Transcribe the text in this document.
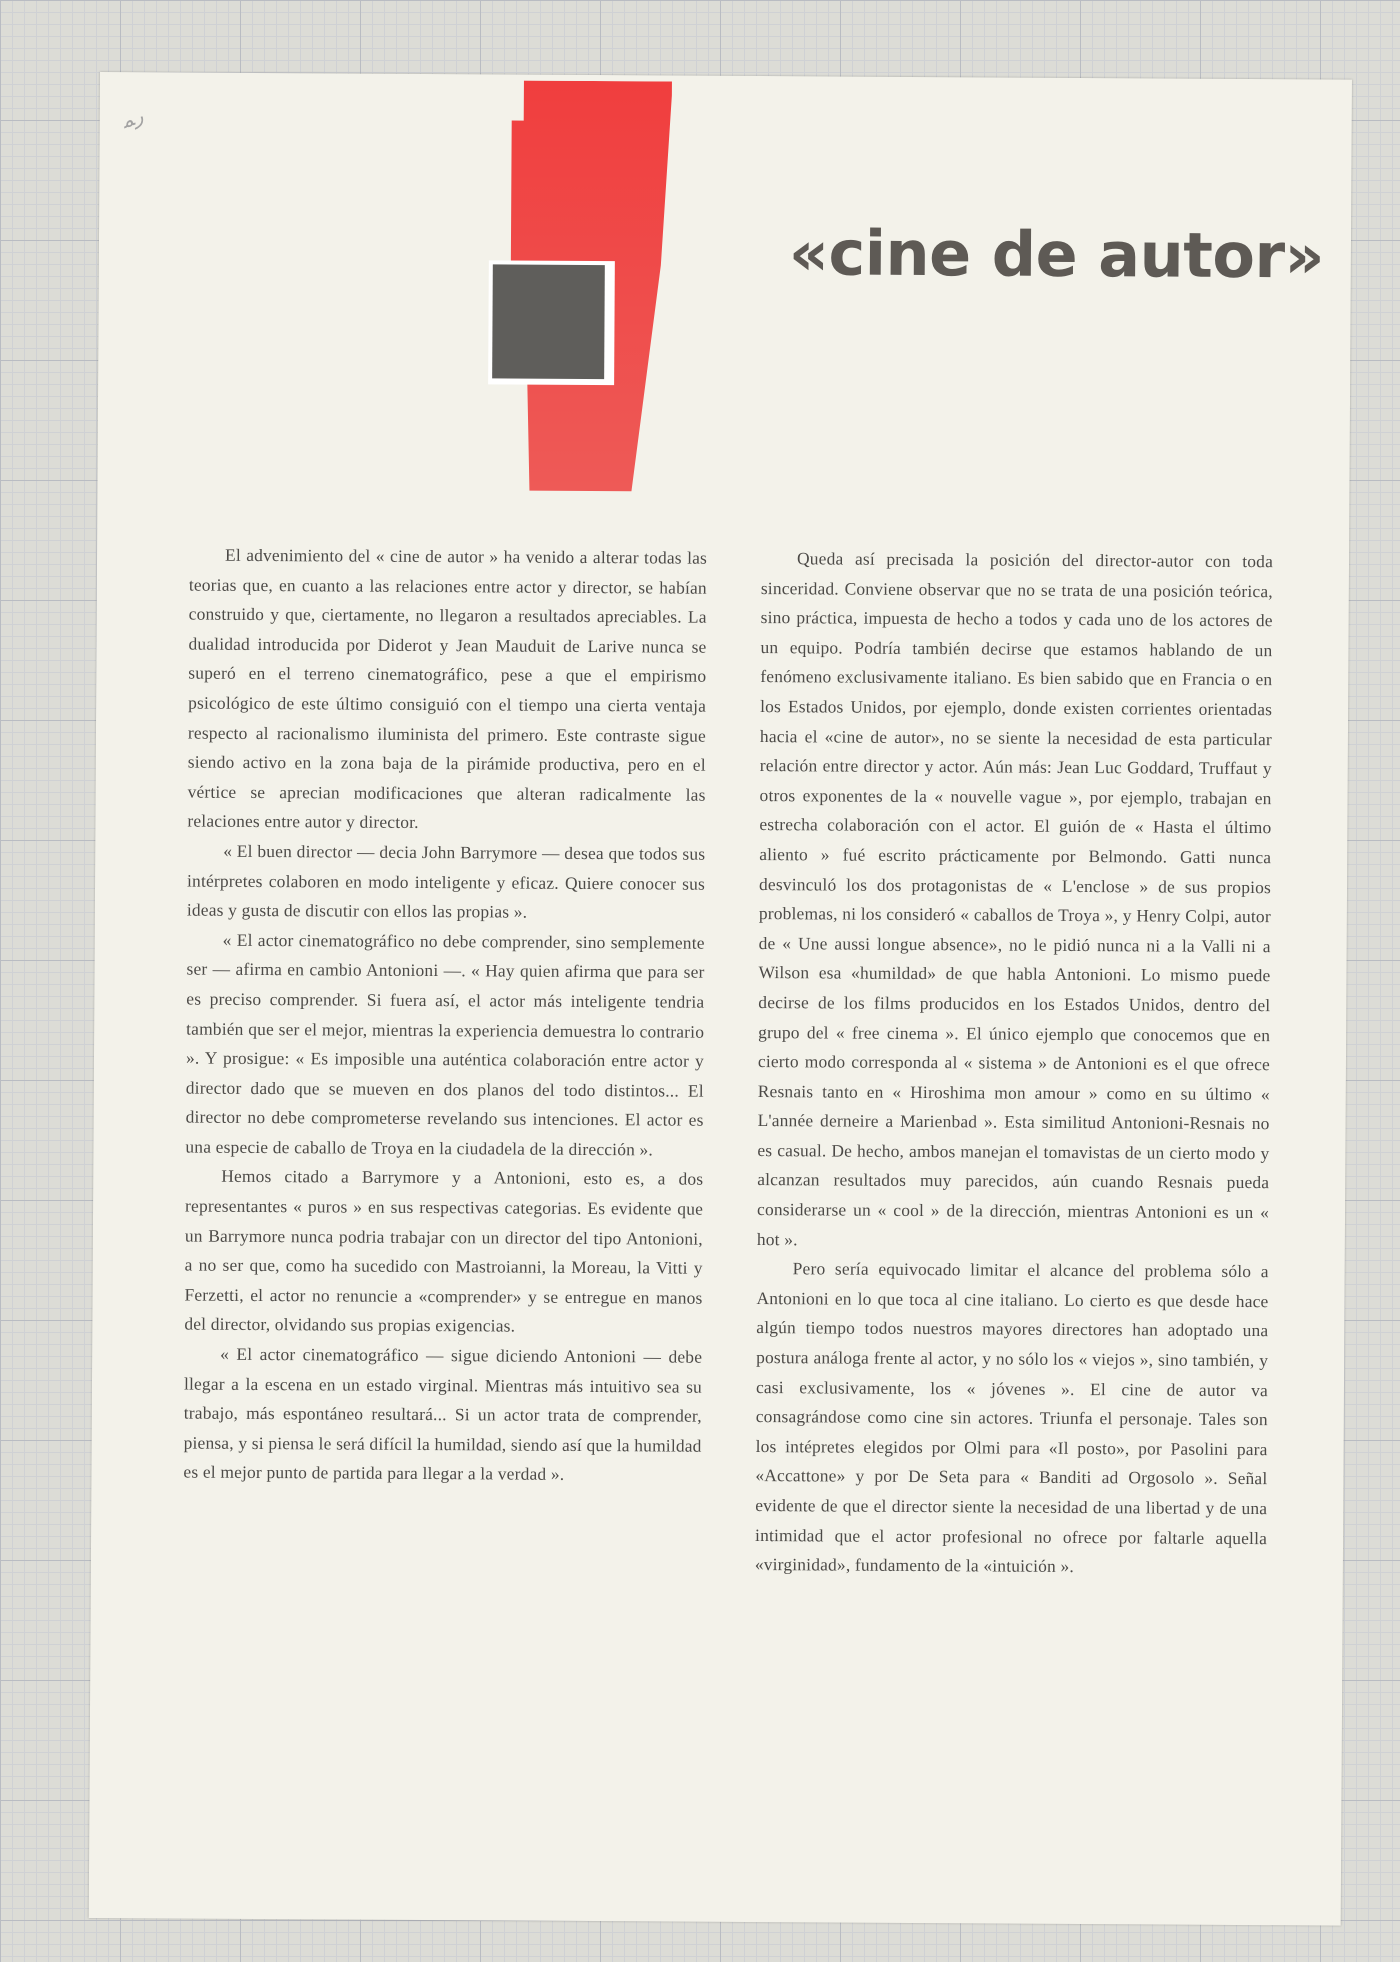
ﺭﻤ
«cine de autor»

El advenimiento del « cine de autor » ha venido a alterar todas las teorias que, en cuanto a las relaciones entre actor y director, se habían construido y que, ciertamente, no llegaron a resultados apreciables. La dualidad introducida por Diderot y Jean Mauduit de Larive nunca se superó en el terreno cinematográfico, pese a que el empirismo psicológico de este último consiguió con el tiempo una cierta ventaja respecto al racionalismo iluminista del primero. Este contraste sigue siendo activo en la zona baja de la pirámide productiva, pero en el vértice se aprecian modificaciones que alteran radicalmente las relaciones entre autor y director.

« El buen director — decia John Barrymore — desea que todos sus intérpretes colaboren en modo inteligente y eficaz. Quiere conocer sus ideas y gusta de discutir con ellos las propias ».

« El actor cinematográfico no debe comprender, sino semplemente ser — afirma en cambio Antonioni —. « Hay quien afirma que para ser es preciso comprender. Si fuera así, el actor más inteligente tendria también que ser el mejor, mientras la experiencia demuestra lo contrario ». Y prosigue: « Es imposible una auténtica colaboración entre actor y director dado que se mueven en dos planos del todo distintos... El director no debe comprometerse revelando sus intenciones. El actor es una especie de caballo de Troya en la ciudadela de la dirección ».

Hemos citado a Barrymore y a Antonioni, esto es, a dos representantes « puros » en sus respectivas categorias. Es evidente que un Barrymore nunca podria trabajar con un director del tipo Antonioni, a no ser que, como ha sucedido con Mastroianni, la Moreau, la Vitti y Ferzetti, el actor no renuncie a «comprender» y se entregue en manos del director, olvidando sus propias exigencias.

« El actor cinematográfico — sigue diciendo Antonioni — debe llegar a la escena en un estado virginal. Mientras más intuitivo sea su trabajo, más espontáneo resultará... Si un actor trata de comprender, piensa, y si piensa le será difícil la humildad, siendo así que la humildad es el mejor punto de partida para llegar a la verdad ».

Queda así precisada la posición del director-autor con toda sinceridad. Conviene observar que no se trata de una posición teórica, sino práctica, impuesta de hecho a todos y cada uno de los actores de un equipo. Podría también decirse que estamos hablando de un fenómeno exclusivamente italiano. Es bien sabido que en Francia o en los Estados Unidos, por ejemplo, donde existen corrientes orientadas hacia el «cine de autor», no se siente la necesidad de esta particular relación entre director y actor. Aún más: Jean Luc Goddard, Truffaut y otros exponentes de la « nouvelle vague », por ejemplo, trabajan en estrecha colaboración con el actor. El guión de « Hasta el último aliento » fué escrito prácticamente por Belmondo. Gatti nunca desvinculó los dos protagonistas de « L'enclose » de sus propios problemas, ni los consideró « caballos de Troya », y Henry Colpi, autor de « Une aussi longue absence», no le pidió nunca ni a la Valli ni a Wilson esa «humildad» de que habla Antonioni. Lo mismo puede decirse de los films producidos en los Estados Unidos, dentro del grupo del « free cinema ». El único ejemplo que conocemos que en cierto modo corresponda al « sistema » de Antonioni es el que ofrece Resnais tanto en « Hiroshima mon amour » como en su último « L'année derneire a Marienbad ». Esta similitud Antonioni-Resnais no es casual. De hecho, ambos manejan el tomavistas de un cierto modo y alcanzan resultados muy parecidos, aún cuando Resnais pueda considerarse un « cool » de la dirección, mientras Antonioni es un « hot ».

Pero sería equivocado limitar el alcance del problema sólo a Antonioni en lo que toca al cine italiano. Lo cierto es que desde hace algún tiempo todos nuestros mayores directores han adoptado una postura análoga frente al actor, y no sólo los « viejos », sino también, y casi exclusivamente, los « jóvenes ». El cine de autor va consagrándose como cine sin actores. Triunfa el personaje. Tales son los intépretes elegidos por Olmi para «Il posto», por Pasolini para «Accattone» y por De Seta para « Banditi ad Orgosolo ». Señal evidente de que el director siente la necesidad de una libertad y de una intimidad que el actor profesional no ofrece por faltarle aquella «virginidad», fundamento de la «intuición ».
